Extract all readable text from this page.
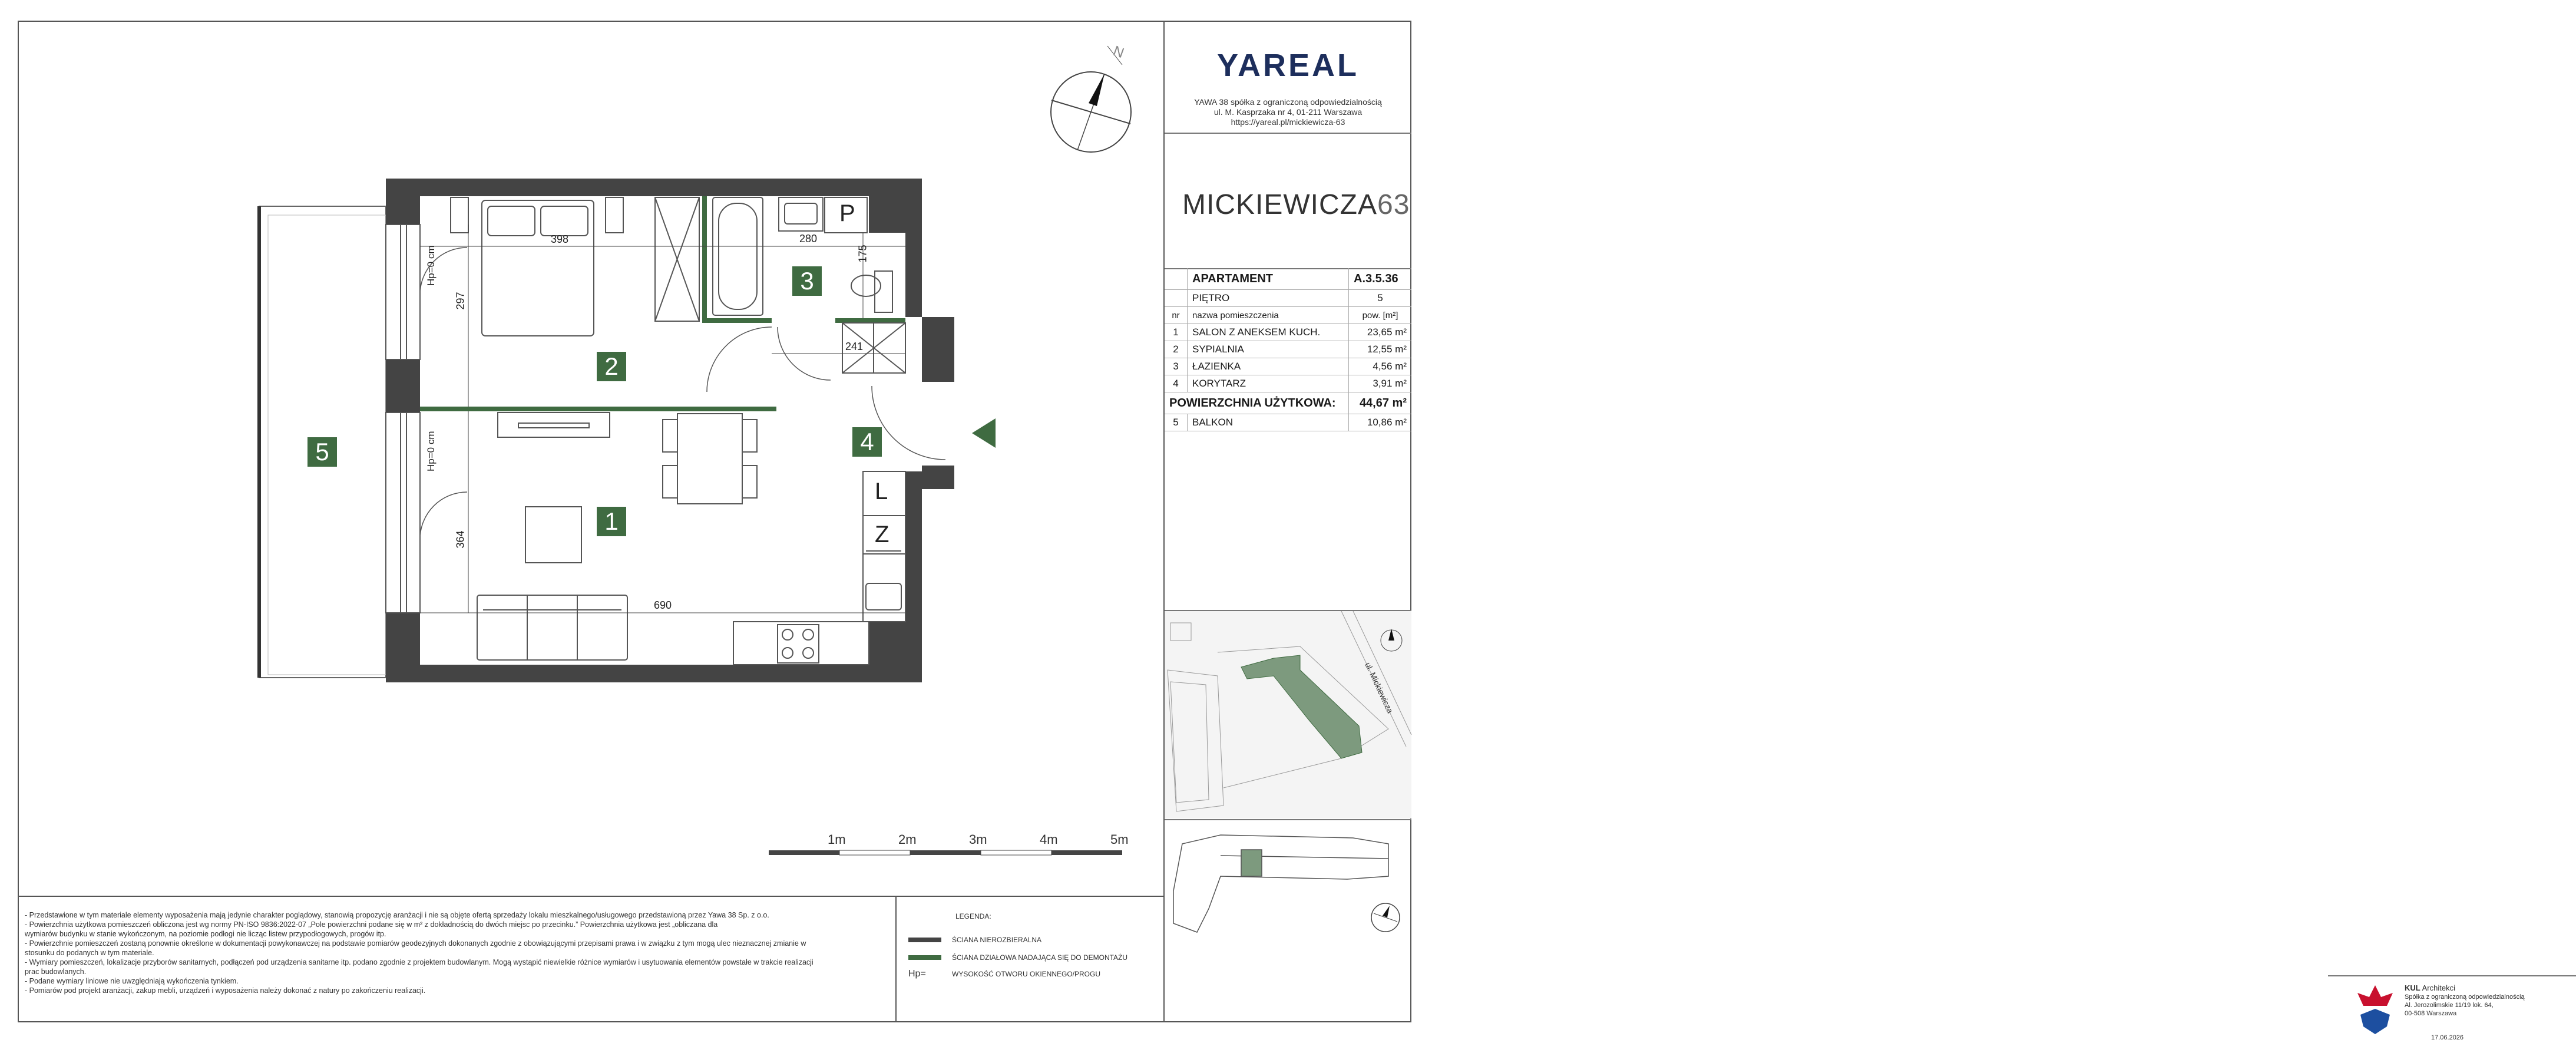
1
2
3
4
5
398	280
175
297
241
364
690
Hp=0 cm
Hp=0 cm
P
L
Z
N
1m	2m	3m	4m	5m
YAREAL
YAWA 38 spółka z ograniczoną odpowiedzialnością
ul. M. Kasprzaka nr 4, 01-211 Warszawa
https://yareal.pl/mickiewicza-63
MICKIEWICZA63
	APARTAMENT	A.3.5.36
	PIĘTRO	5
nr	nazwa pomieszczenia	pow. [m²]
1	SALON Z ANEKSEM KUCH.	23,65 m²
2	SYPIALNIA	12,55 m²
3	ŁAZIENKA	4,56 m²
4	KORYTARZ	3,91 m²
POWIERZCHNIA UŻYTKOWA:		44,67 m²
5	BALKON	10,86 m²
ul. Mickiewicza
KUL Architekci
Spółka z ograniczoną odpowiedzialnością
Al. Jerozolimskie 11/19 lok. 64,
00-508 Warszawa
17.06.2026
- Przedstawione w tym materiale elementy wyposażenia mają jedynie charakter poglądowy, stanowią propozycję aranżacji i nie są objęte ofertą sprzedaży lokalu mieszkalnego/usługowego przedstawioną przez Yawa 38 Sp. z o.o.
- Powierzchnia użytkowa pomieszczeń obliczona jest wg normy PN-ISO 9836:2022-07 „Pole powierzchni podane się w m² z dokładnością do dwóch miejsc po przecinku.” Powierzchnia użytkowa jest „obliczana dla
wymiarów budynku w stanie wykończonym, na poziomie podłogi nie licząc listew przypodłogowych, progów itp.
- Powierzchnie pomieszczeń zostaną ponownie określone w dokumentacji powykonawczej na podstawie pomiarów geodezyjnych dokonanych zgodnie z obowiązującymi przepisami prawa i w związku z tym mogą ulec nieznacznej zmianie w
stosunku do podanych w tym materiale.
- Wymiary pomieszczeń, lokalizacje przyborów sanitarnych, podłączeń pod urządzenia sanitarne itp. podano zgodnie z projektem budowlanym. Mogą wystąpić niewielkie różnice wymiarów i usytuowania elementów powstałe w trakcie realizacji
prac budowlanych.
- Podane wymiary liniowe nie uwzględniają wykończenia tynkiem.
- Pomiarów pod projekt aranżacji, zakup mebli, urządzeń i wyposażenia należy dokonać z natury po zakończeniu realizacji.
LEGENDA:
ŚCIANA NIEROZBIERALNA
ŚCIANA DZIAŁOWA NADAJĄCA SIĘ DO DEMONTAŻU
Hp=	WYSOKOŚĆ OTWORU OKIENNEGO/PROGU
